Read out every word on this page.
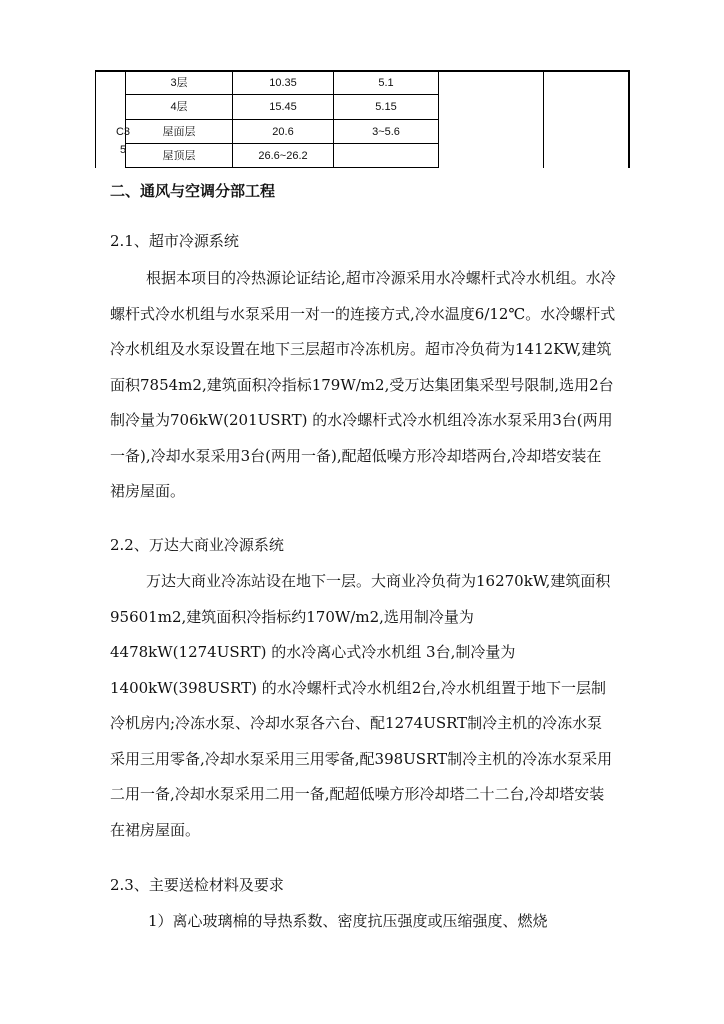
C3
5
3层	10.35	5.1
4层	15.45	5.15
屋面层	20.6	3~5.6
屋顶层	26.6~26.2
二、通风与空调分部工程
2.1、超市冷源系统
根据本项目的冷热源论证结论,超市冷源采用水冷螺杆式冷水机组。水冷螺杆式冷水机组与水泵采用一对一的连接方式,冷水温度6/12℃。水冷螺杆式冷水机组及水泵设置在地下三层超市冷冻机房。超市冷负荷为1412KW,建筑面积7854m2,建筑面积冷指标179W/m2,受万达集团集采型号限制,选用2台制冷量为706kW(201USRT) 的水冷螺杆式冷水机组冷冻水泵采用3台(两用一备),冷却水泵采用3台(两用一备),配超低噪方形冷却塔两台,冷却塔安装在裙房屋面。
2.2、万达大商业冷源系统
万达大商业冷冻站设在地下一层。大商业冷负荷为16270kW,建筑面积95601m2,建筑面积冷指标约170W/m2,选用制冷量为4478kW(1274USRT) 的水冷离心式冷水机组 3台,制冷量为1400kW(398USRT) 的水冷螺杆式冷水机组2台,冷水机组置于地下一层制冷机房内;冷冻水泵、冷却水泵各六台、配1274USRT制冷主机的冷冻水泵采用三用零备,冷却水泵采用三用零备,配398USRT制冷主机的冷冻水泵采用二用一备,冷却水泵采用二用一备,配超低噪方形冷却塔二十二台,冷却塔安装在裙房屋面。
2.3、主要送检材料及要求
1）离心玻璃棉的导热系数、密度抗压强度或压缩强度、燃烧
